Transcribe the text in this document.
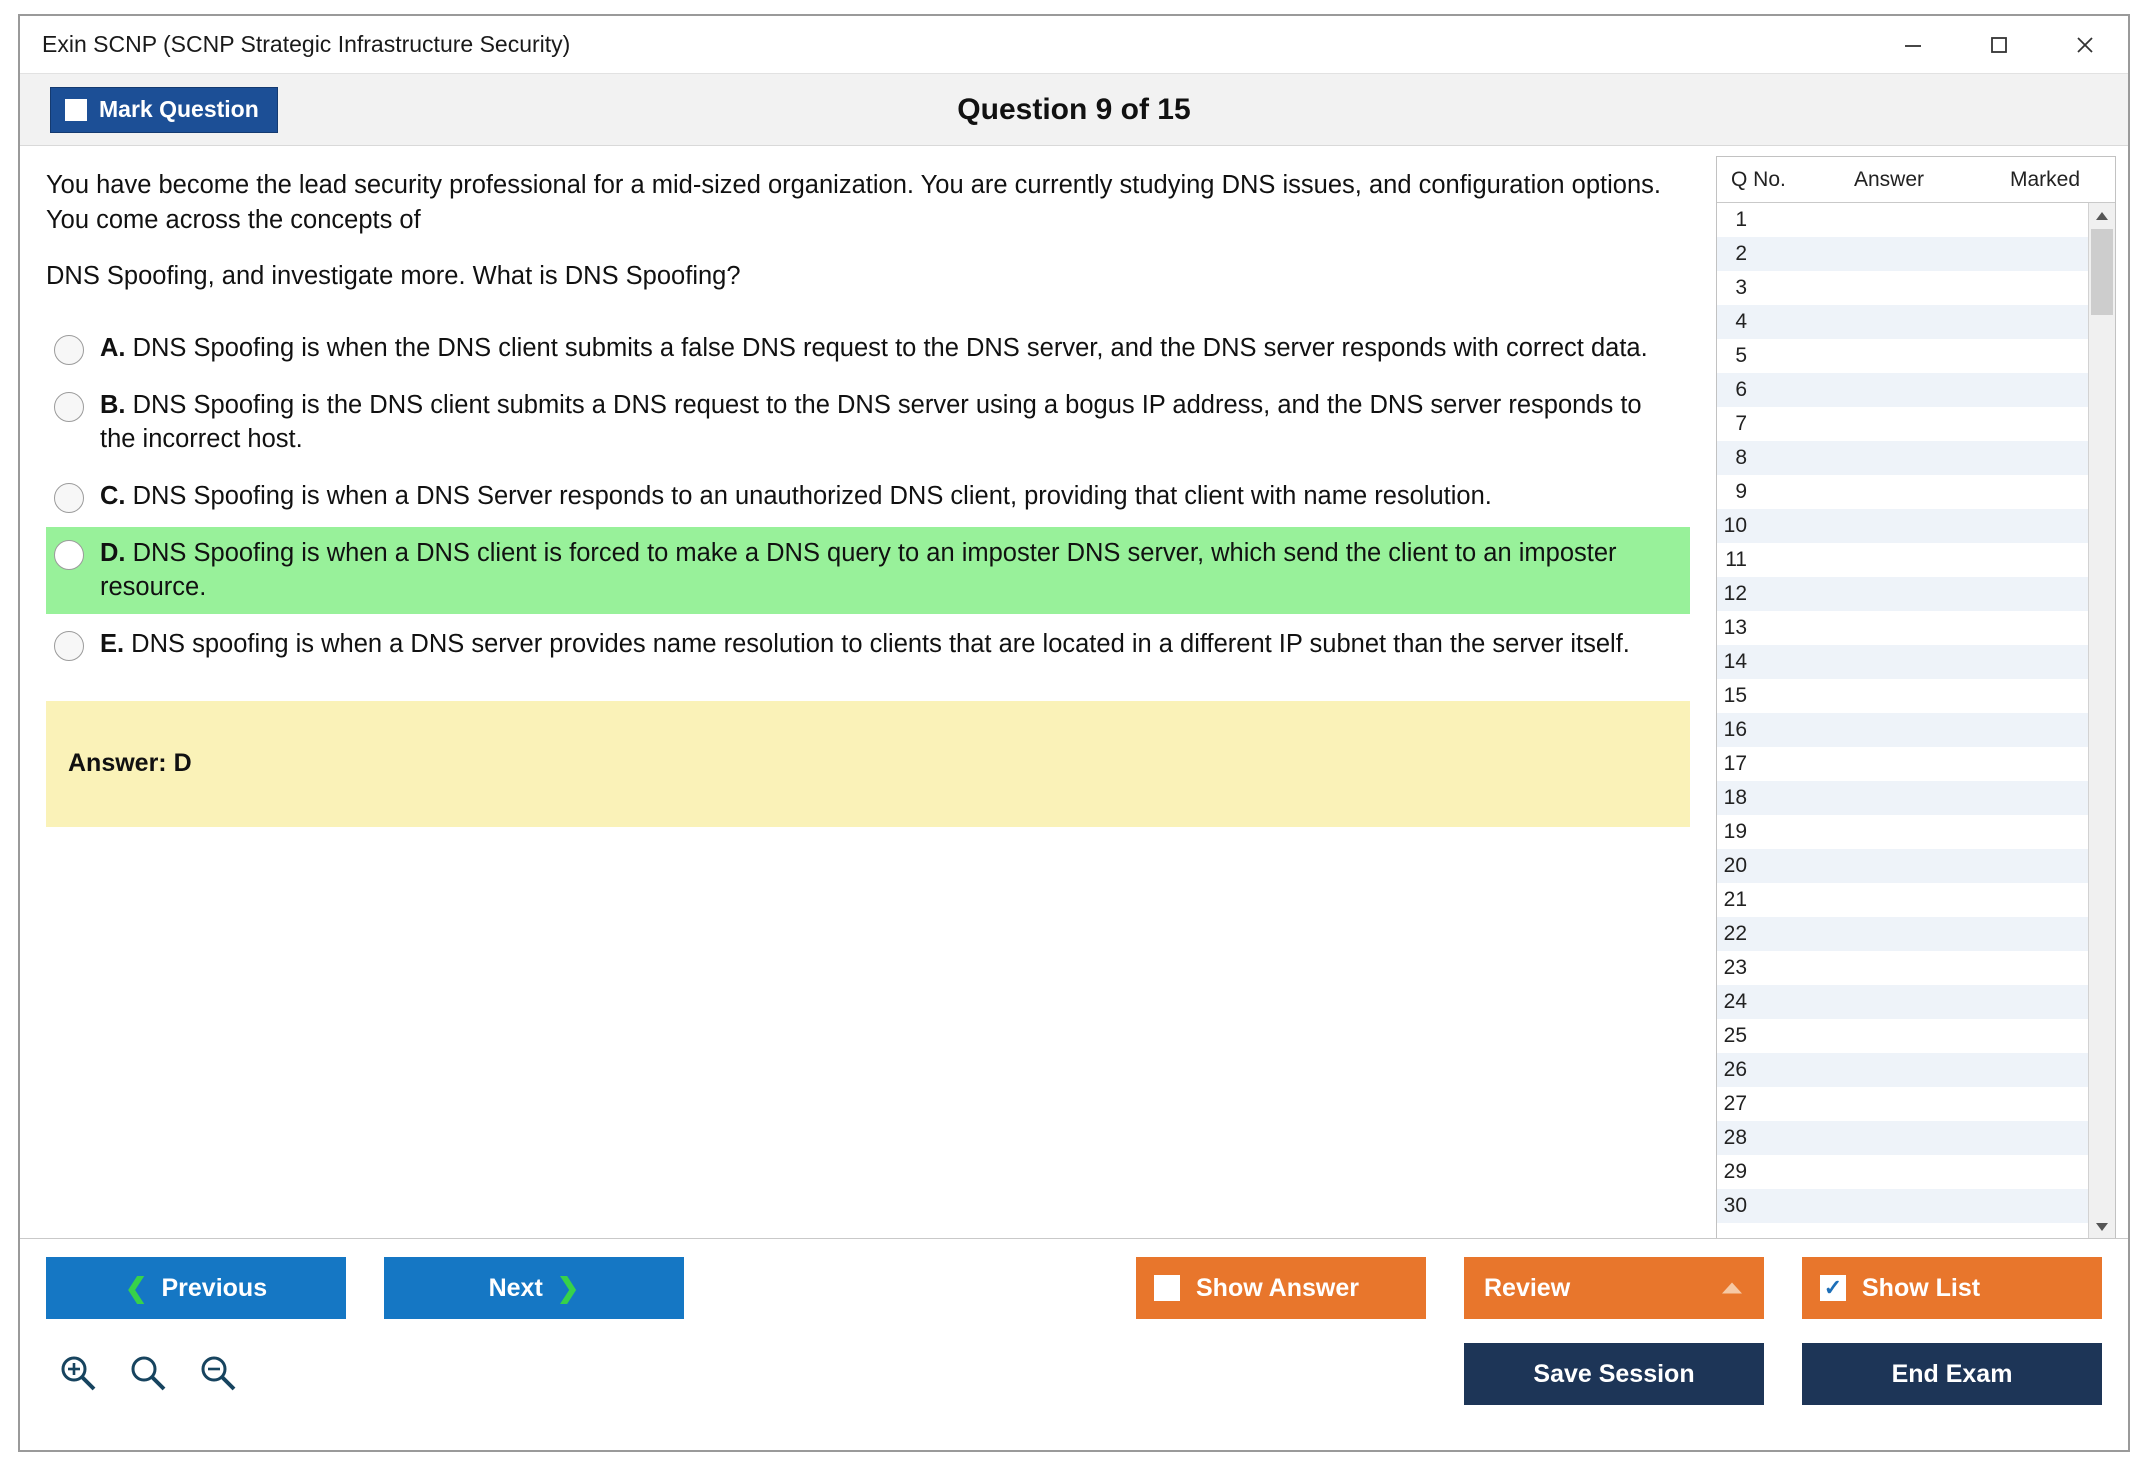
Exin SCNP (SCNP Strategic Infrastructure Security)
Mark Question	Question 9 of 15
You have become the lead security professional for a mid-sized organization. You are currently studying DNS issues, and configuration options. You come across the concepts of
DNS Spoofing, and investigate more. What is DNS Spoofing?
A. DNS Spoofing is when the DNS client submits a false DNS request to the DNS server, and the DNS server responds with correct data.
B. DNS Spoofing is the DNS client submits a DNS request to the DNS server using a bogus IP address, and the DNS server responds to the incorrect host.
C. DNS Spoofing is when a DNS Server responds to an unauthorized DNS client, providing that client with name resolution.
D. DNS Spoofing is when a DNS client is forced to make a DNS query to an imposter DNS server, which send the client to an imposter resource.
E. DNS spoofing is when a DNS server provides name resolution to clients that are located in a different IP subnet than the server itself.
Answer: D
Q No.	Answer	Marked
1
2
3
4
5
6
7
8
9
10
11
12
13
14
15
16
17
18
19
20
21
22
23
24
25
26
27
28
29
30
❮ Previous	Next ❯	Show Answer	Review	✓ Show List
Save Session	End Exam
